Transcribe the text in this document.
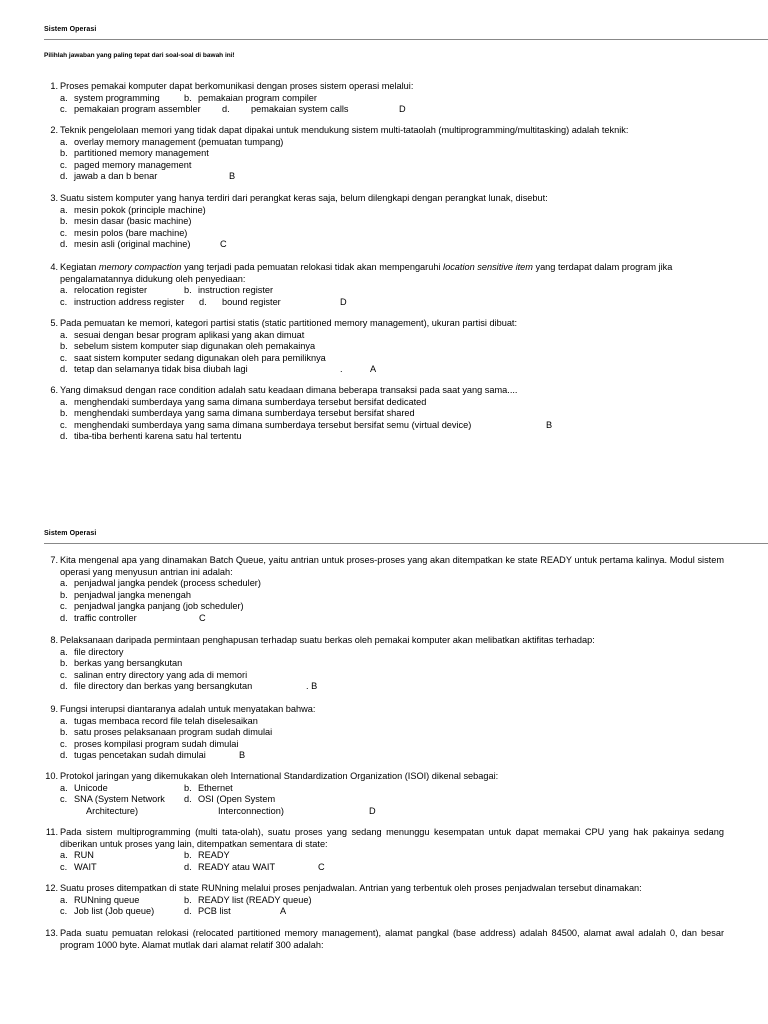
Sistem Operasi
Pilihlah jawaban yang paling tepat dari soal-soal di bawah ini!
1. Proses pemakai komputer dapat berkomunikasi dengan proses sistem operasi melalui:
a. system programming	b. pemakaian program compiler
c. pemakaian program assembler d. pemakaian system calls	D
2. Teknik pengelolaan memori yang tidak dapat dipakai untuk mendukung sistem multi-tataolah (multiprogramming/multitasking) adalah teknik:
a. overlay memory management (pemuatan tumpang)
b. partitioned memory management
c. paged memory management
d. jawab a dan b benar	B
3. Suatu sistem komputer yang hanya terdiri dari perangkat keras saja, belum dilengkapi dengan perangkat lunak, disebut:
a. mesin pokok (principle machine)
b. mesin dasar (basic machine)
c. mesin polos (bare machine)
d. mesin asli (original machine)	C
4. Kegiatan memory compaction yang terjadi pada pemuatan relokasi tidak akan mempengaruhi location sensitive item yang terdapat dalam program jika pengalamatannya didukung oleh penyediaan:
a. relocation register	b. instruction register
c. instruction address register d. bound register	D
5. Pada pemuatan ke memori, kategori partisi statis (static partitioned memory management), ukuran partisi dibuat:
a. sesuai dengan besar program aplikasi yang akan dimuat
b. sebelum sistem komputer siap digunakan oleh pemakainya
c. saat sistem komputer sedang digunakan oleh para pemiliknya
d. tetap dan selamanya tidak bisa diubah lagi	.	A
6. Yang dimaksud dengan race condition adalah satu keadaan dimana beberapa transaksi pada saat yang sama....
a. menghendaki sumberdaya yang sama dimana sumberdaya tersebut bersifat dedicated
b. menghendaki sumberdaya yang sama dimana sumberdaya tersebut bersifat shared
c. menghendaki sumberdaya yang sama dimana sumberdaya tersebut bersifat semu (virtual device)	B
d. tiba-tiba berhenti karena satu hal tertentu
Sistem Operasi
7. Kita mengenal apa yang dinamakan Batch Queue, yaitu antrian untuk proses-proses yang akan ditempatkan ke state READY untuk pertama kalinya. Modul sistem operasi yang menyusun antrian ini adalah:
a. penjadwal jangka pendek (process scheduler)
b. penjadwal jangka menengah
c. penjadwal jangka panjang (job scheduler)
d. traffic controller	C
8. Pelaksanaan daripada permintaan penghapusan terhadap suatu berkas oleh pemakai komputer akan melibatkan aktifitas terhadap:
a. file directory
b. berkas yang bersangkutan
c. salinan entry directory yang ada di memori
d. file directory dan berkas yang bersangkutan	. B
9. Fungsi interupsi diantaranya adalah untuk menyatakan bahwa:
a. tugas membaca record file telah diselesaikan
b. satu proses pelaksanaan program sudah dimulai
c. proses kompilasi program sudah dimulai
d. tugas pencetakan sudah dimulai	B
10. Protokol jaringan yang dikemukakan oleh International Standardization Organization (ISOI) dikenal sebagai:
a. Unicode	b. Ethernet
c. SNA (System Network d. OSI (Open System
Architecture)	Interconnection)	D
11. Pada sistem multiprogramming (multi tata-olah), suatu proses yang sedang menunggu kesempatan untuk dapat memakai CPU yang hak pakainya sedang diberikan untuk proses yang lain, ditempatkan sementara di state:
a. RUN	b. READY
c. WAIT	d. READY atau WAIT	C
12. Suatu proses ditempatkan di state RUNning melalui proses penjadwalan. Antrian yang terbentuk oleh proses penjadwalan tersebut dinamakan:
a. RUNning queue	b. READY list (READY queue)
c. Job list (Job queue)	d. PCB list	A
13. Pada suatu pemuatan relokasi (relocated partitioned memory management), alamat pangkal (base address) adalah 84500, alamat awal adalah 0, dan besar program 1000 byte. Alamat mutlak dari alamat relatif 300 adalah:
